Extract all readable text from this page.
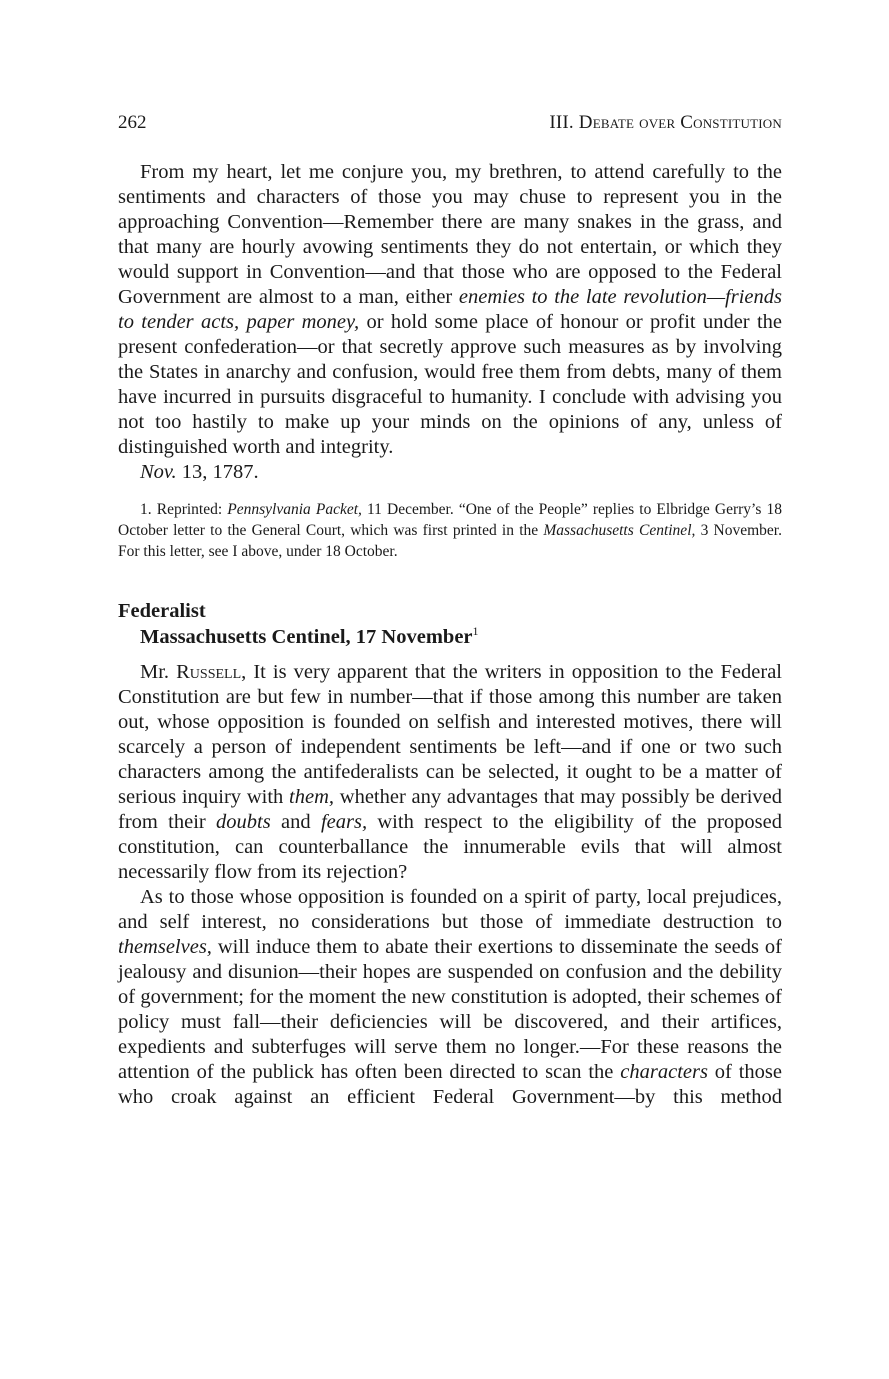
262	III. Debate over Constitution

From my heart, let me conjure you, my brethren, to attend carefully to the sentiments and characters of those you may chuse to represent you in the approaching Convention—Remember there are many snakes in the grass, and that many are hourly avowing sentiments they do not entertain, or which they would support in Convention—and that those who are opposed to the Federal Government are almost to a man, either enemies to the late revolution—friends to tender acts, paper money, or hold some place of honour or profit under the present confederation—or that secretly approve such measures as by involving the States in anarchy and confusion, would free them from debts, many of them have incurred in pursuits disgraceful to humanity. I conclude with advising you not too hastily to make up your minds on the opinions of any, unless of distinguished worth and integrity.

Nov. 13, 1787.

1. Reprinted: Pennsylvania Packet, 11 December. “One of the People” replies to Elbridge Gerry’s 18 October letter to the General Court, which was first printed in the Massachusetts Centinel, 3 November. For this letter, see I above, under 18 October.

Federalist
Massachusetts Centinel, 17 November$^1$

Mr. Russell, It is very apparent that the writers in opposition to the Federal Constitution are but few in number—that if those among this number are taken out, whose opposition is founded on selfish and interested motives, there will scarcely a person of independent sentiments be left—and if one or two such characters among the antifederalists can be selected, it ought to be a matter of serious inquiry with them, whether any advantages that may possibly be derived from their doubts and fears, with respect to the eligibility of the proposed constitution, can counterballance the innumerable evils that will almost necessarily flow from its rejection?

As to those whose opposition is founded on a spirit of party, local prejudices, and self interest, no considerations but those of immediate destruction to themselves, will induce them to abate their exertions to disseminate the seeds of jealousy and disunion—their hopes are suspended on confusion and the debility of government; for the moment the new constitution is adopted, their schemes of policy must fall—their deficiencies will be discovered, and their artifices, expedients and subterfuges will serve them no longer.—For these reasons the attention of the publick has often been directed to scan the characters of those who croak against an efficient Federal Government—by this method
